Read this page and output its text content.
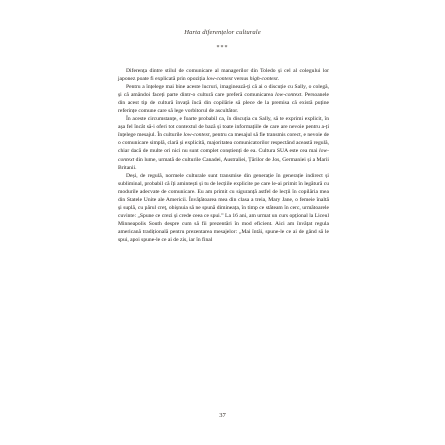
Harta diferențelor culturale
***

Diferența dintre stilul de comunicare al managerilor din Toledo și cel al colegului lor japonez poate fi explicată prin opoziția low-context versus high-context.

Pentru a înțelege mai bine aceste lucruri, imaginează-ți că ai o discuție cu Sally, o colegă, și că amândoi faceți parte dintr-o cultură care preferă comunicarea low-context. Persoanele din acest tip de cultură învață încă din copilărie să plece de la premisa că există puține referințe comune care să lege vorbitorul de ascultător.

În aceste circumstanțe, e foarte probabil ca, în discuția cu Sally, să te exprimi explicit, în așa fel încât să-i oferi tot contextul de bază și toate informațiile de care are nevoie pentru a-ți înțelege mesajul. În culturile low-context, pentru ca mesajul să fie transmis corect, e nevoie de o comunicare simplă, clară și explicită, majoritatea comunicatorilor respectând această regulă, chiar dacă de multe ori nici nu sunt complet conștienți de ea. Cultura SUA este cea mai low-context din lume, urmată de culturile Canadei, Australiei, Țărilor de Jos, Germaniei și a Marii Britanii.

Deși, de regulă, normele culturale sunt transmise din generație în generație indirect și subliminal, probabil că îți amintești și tu de lecțiile explicite pe care le-ai primit în legătură cu modurile adecvate de comunicare. Eu am primit cu siguranță astfel de lecții în copilăria mea din Statele Unite ale Americii. Învățătoarea mea din clasa a treia, Mary Jane, o femeie înaltă și suplă, cu părul creț, obișnuia să ne spună dimineața, în timp ce stăteam în cerc, următoarele cuvinte: „Spune ce crezi și crede ceea ce spui.” La 16 ani, am urmat un curs opțional la Liceul Minneapolis South despre cum să fii prezentări în mod eficient. Aici am învățat regula americană tradițională pentru prezentarea mesajelor: „Mai întâi, spune-le ce ai de gând să le spui, apoi spune-le ce ai de zis, iar în final

37
